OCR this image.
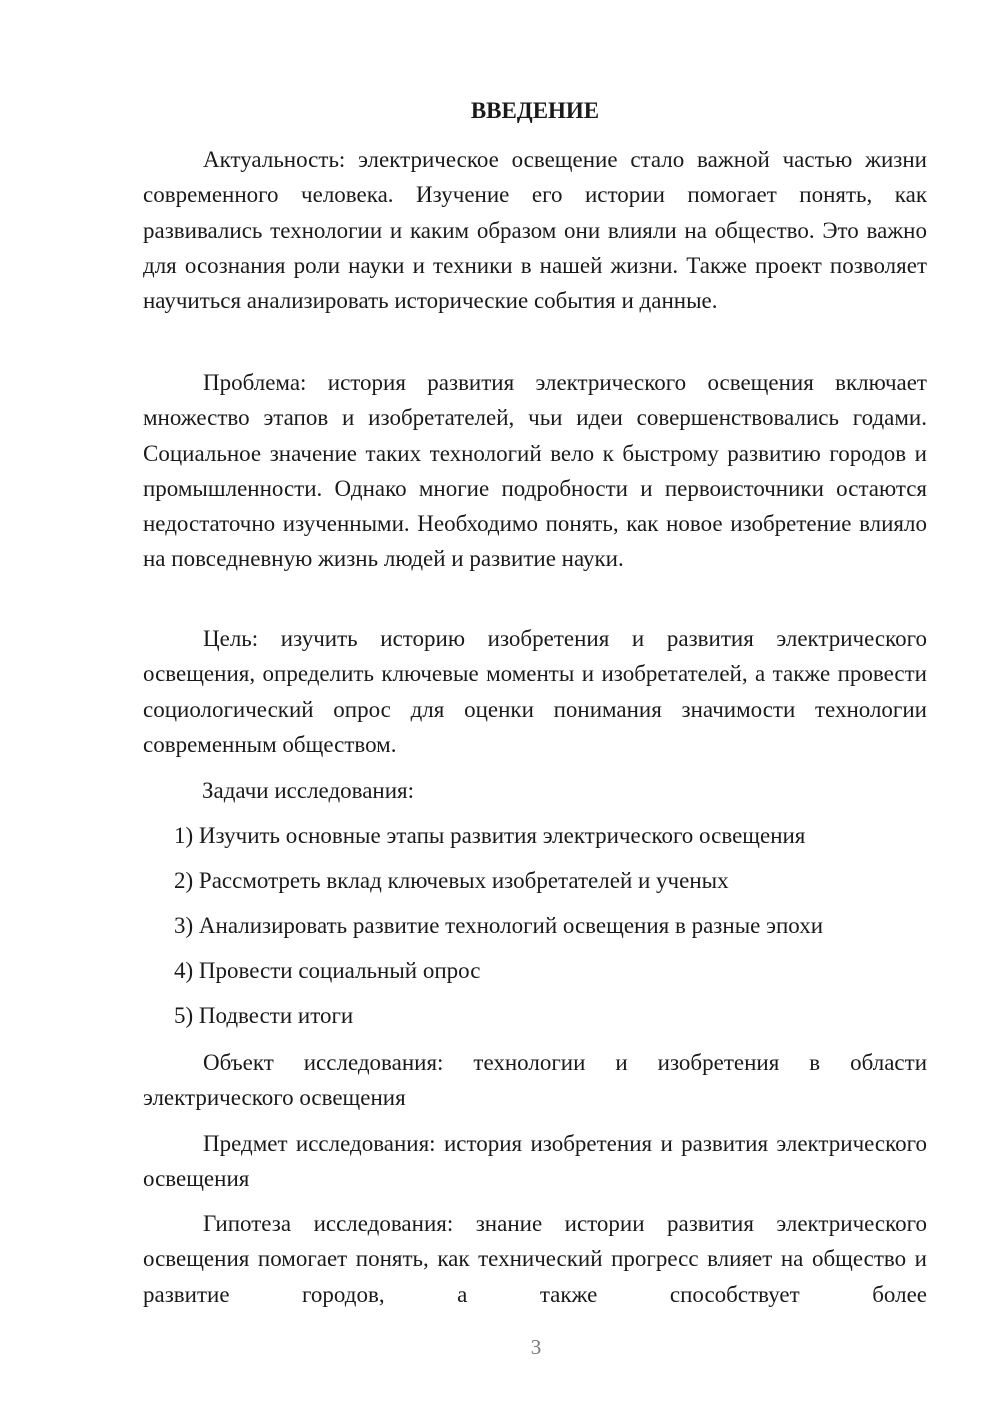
ВВЕДЕНИЕ

Актуальность: электрическое освещение стало важной частью жизни современного человека. Изучение его истории помогает понять, как развивались технологии и каким образом они влияли на общество. Это важно для осознания роли науки и техники в нашей жизни. Также проект позволяет научиться анализировать исторические события и данные.

Проблема: история развития электрического освещения включает множество этапов и изобретателей, чьи идеи совершенствовались годами. Социальное значение таких технологий вело к быстрому развитию городов и промышленности. Однако многие подробности и первоисточники остаются недостаточно изученными. Необходимо понять, как новое изобретение влияло на повседневную жизнь людей и развитие науки.

Цель: изучить историю изобретения и развития электрического освещения, определить ключевые моменты и изобретателей, а также провести социологический опрос для оценки понимания значимости технологии современным обществом.

Задачи исследования:

1) Изучить основные этапы развития электрического освещения

2) Рассмотреть вклад ключевых изобретателей и ученых

3) Анализировать развитие технологий освещения в разные эпохи

4) Провести социальный опрос

5) Подвести итоги

Объект исследования: технологии и изобретения в области электрического освещения

Предмет исследования: история изобретения и развития электрического освещения

Гипотеза исследования: знание истории развития электрического освещения помогает понять, как технический прогресс влияет на общество и развитие городов, а также способствует более

3
